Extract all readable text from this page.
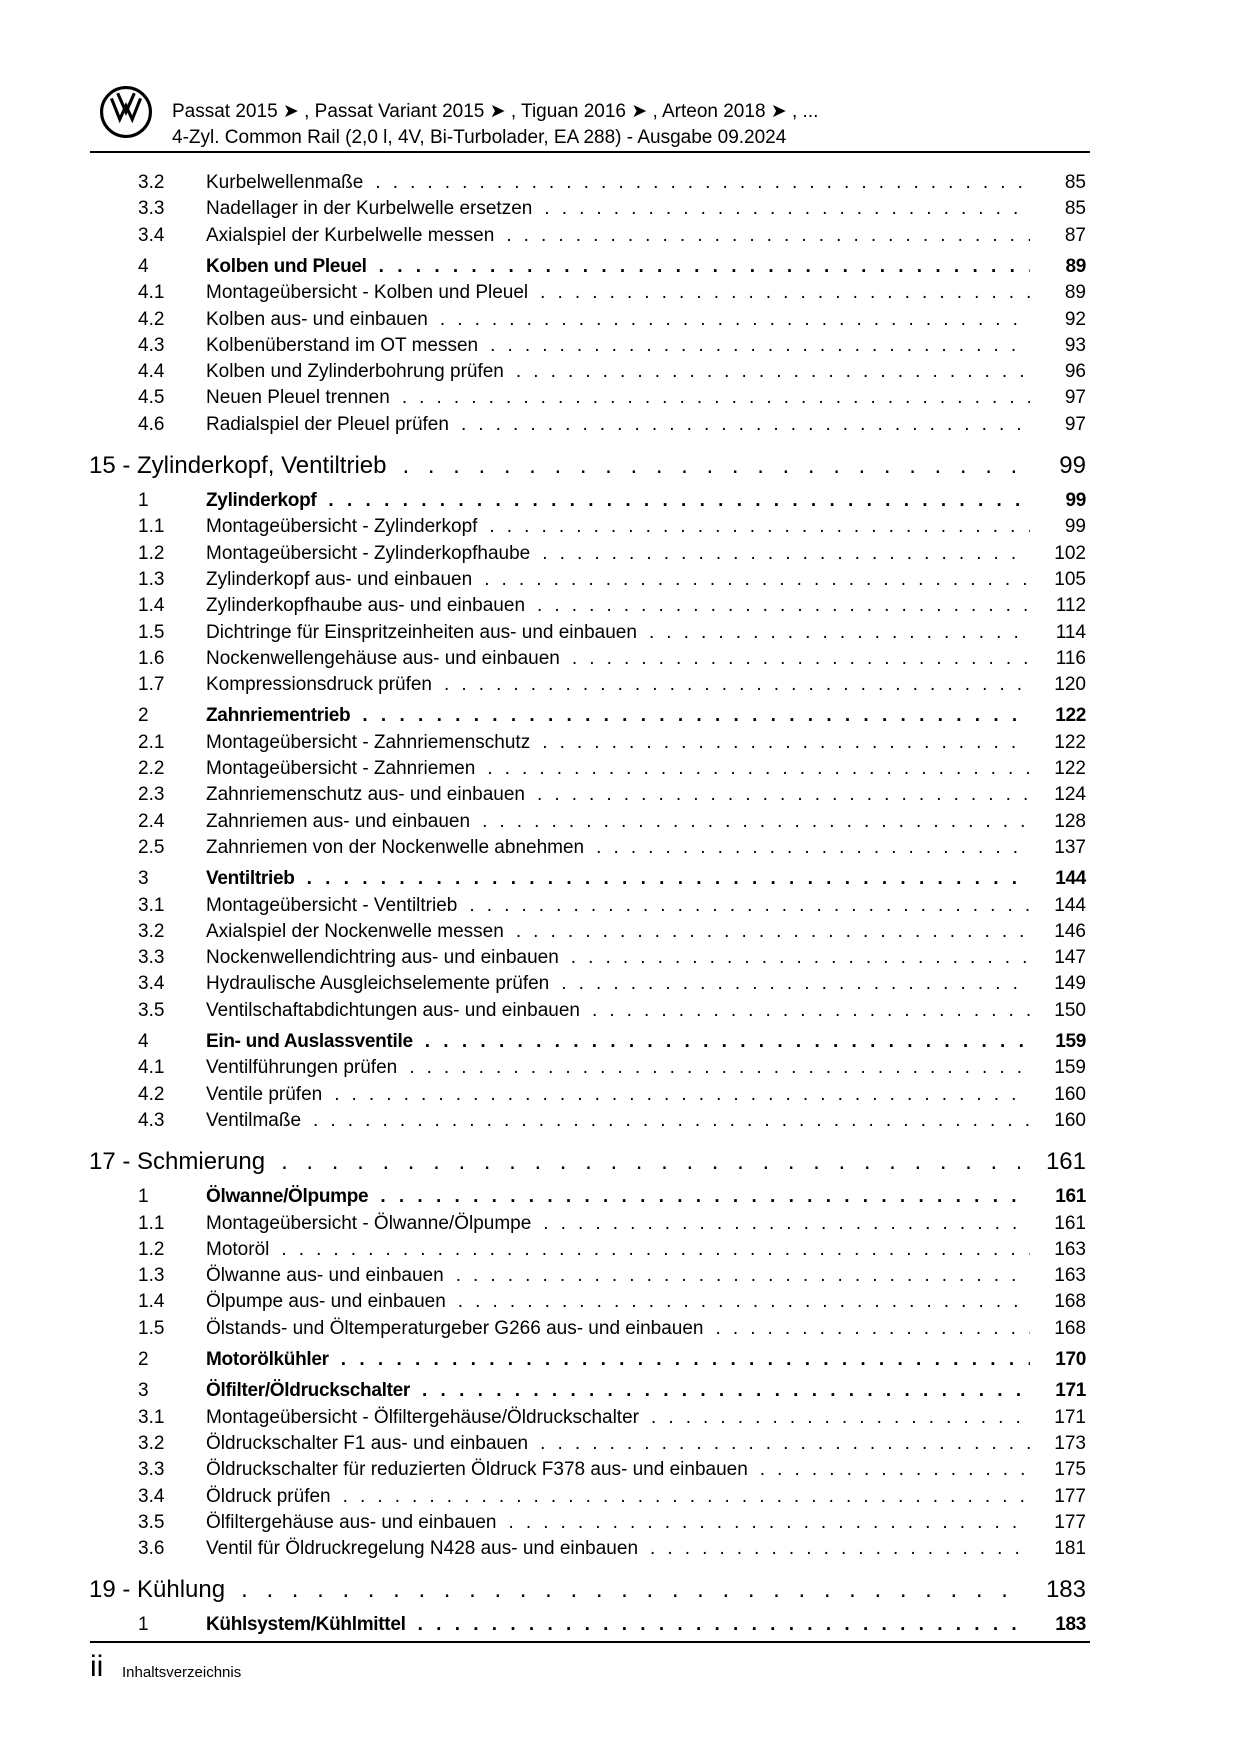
Passat 2015 ➤ , Passat Variant 2015 ➤ , Tiguan 2016 ➤ , Arteon 2018 ➤ , ...
4-Zyl. Common Rail (2,0 l, 4V, Bi-Turbolader, EA 288) - Ausgabe 09.2024
3.2	Kurbelwellenmaße . . .	85
3.3	Nadellager in der Kurbelwelle ersetzen . . .	85
3.4	Axialspiel der Kurbelwelle messen . . .	87
4	Kolben und Pleuel . . .	89
4.1	Montageübersicht - Kolben und Pleuel . . .	89
4.2	Kolben aus- und einbauen . . .	92
4.3	Kolbenüberstand im OT messen . . .	93
4.4	Kolben und Zylinderbohrung prüfen . . .	96
4.5	Neuen Pleuel trennen . . .	97
4.6	Radialspiel der Pleuel prüfen . . .	97
15 - Zylinderkopf, Ventiltrieb . . .	99
1	Zylinderkopf . . .	99
1.1	Montageübersicht - Zylinderkopf . . .	99
1.2	Montageübersicht - Zylinderkopfhaube . . .	102
1.3	Zylinderkopf aus- und einbauen . . .	105
1.4	Zylinderkopfhaube aus- und einbauen . . .	112
1.5	Dichtringe für Einspritzeinheiten aus- und einbauen . . .	114
1.6	Nockenwellengehäuse aus- und einbauen . . .	116
1.7	Kompressionsdruck prüfen . . .	120
2	Zahnriementrieb . . .	122
2.1	Montageübersicht - Zahnriemenschutz . . .	122
2.2	Montageübersicht - Zahnriemen . . .	122
2.3	Zahnriemenschutz aus- und einbauen . . .	124
2.4	Zahnriemen aus- und einbauen . . .	128
2.5	Zahnriemen von der Nockenwelle abnehmen . . .	137
3	Ventiltrieb . . .	144
3.1	Montageübersicht - Ventiltrieb . . .	144
3.2	Axialspiel der Nockenwelle messen . . .	146
3.3	Nockenwellendichtring aus- und einbauen . . .	147
3.4	Hydraulische Ausgleichselemente prüfen . . .	149
3.5	Ventilschaftabdichtungen aus- und einbauen . . .	150
4	Ein- und Auslassventile . . .	159
4.1	Ventilführungen prüfen . . .	159
4.2	Ventile prüfen . . .	160
4.3	Ventilmaße . . .	160
17 - Schmierung . . .	161
1	Ölwanne/Ölpumpe . . .	161
1.1	Montageübersicht - Ölwanne/Ölpumpe . . .	161
1.2	Motoröl . . .	163
1.3	Ölwanne aus- und einbauen . . .	163
1.4	Ölpumpe aus- und einbauen . . .	168
1.5	Ölstands- und Öltemperaturgeber G266 aus- und einbauen . . .	168
2	Motorölkühler . . .	170
3	Ölfilter/Öldruckschalter . . .	171
3.1	Montageübersicht - Ölfiltergehäuse/Öldruckschalter . . .	171
3.2	Öldruckschalter F1 aus- und einbauen . . .	173
3.3	Öldruckschalter für reduzierten Öldruck F378 aus- und einbauen . . .	175
3.4	Öldruck prüfen . . .	177
3.5	Ölfiltergehäuse aus- und einbauen . . .	177
3.6	Ventil für Öldruckregelung N428 aus- und einbauen . . .	181
19 - Kühlung . . .	183
1	Kühlsystem/Kühlmittel . . .	183
ii Inhaltsverzeichnis
